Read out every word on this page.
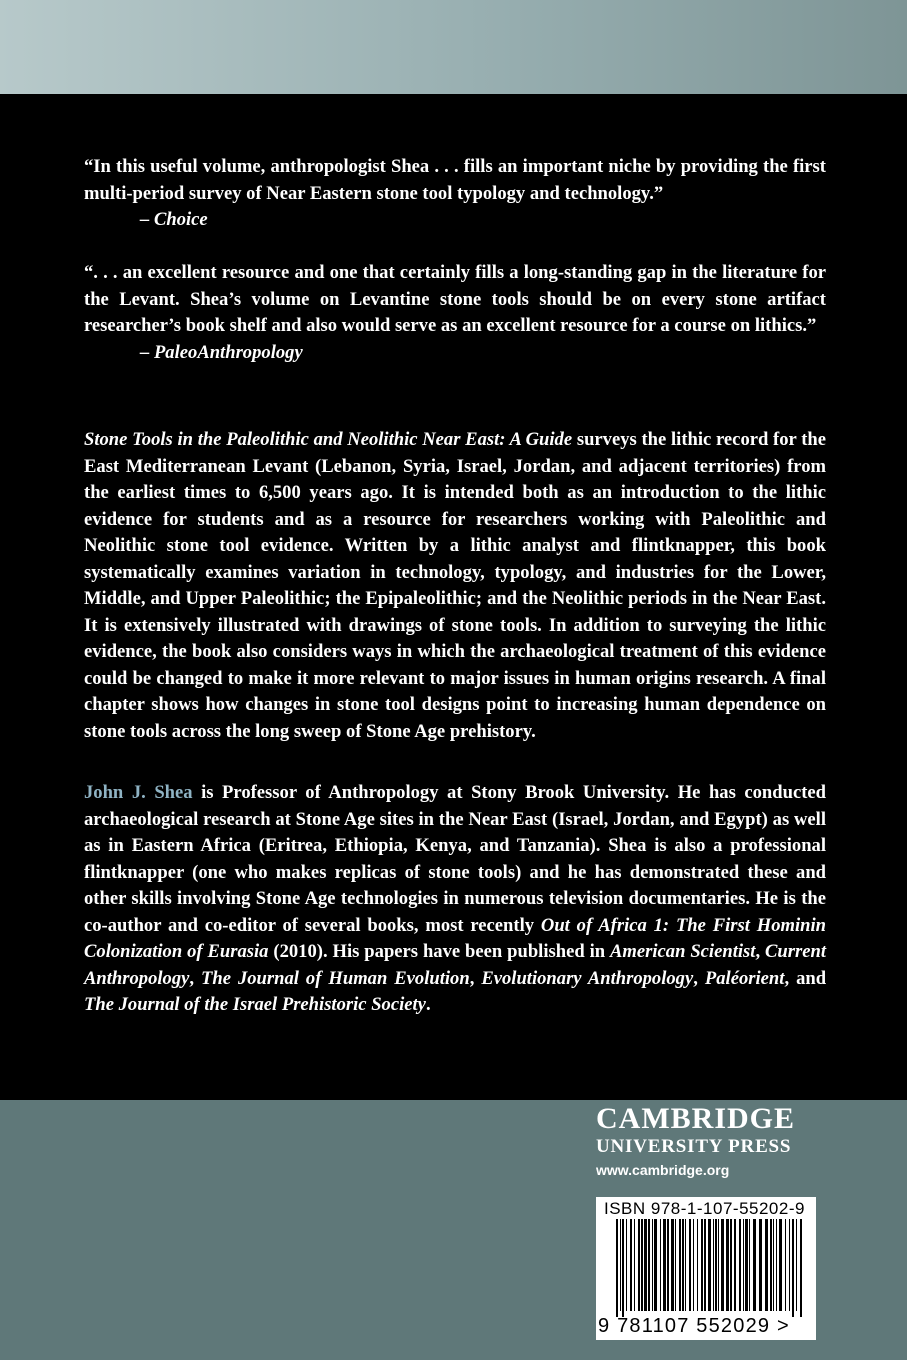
“In this useful volume, anthropologist Shea . . . fills an important niche by providing the first multi-period survey of Near Eastern stone tool typology and technology.”
– Choice
“. . . an excellent resource and one that certainly fills a long-standing gap in the literature for the Levant. Shea’s volume on Levantine stone tools should be on every stone artifact researcher’s book shelf and also would serve as an excellent resource for a course on lithics.”
– PaleoAnthropology
Stone Tools in the Paleolithic and Neolithic Near East: A Guide surveys the lithic record for the East Mediterranean Levant (Lebanon, Syria, Israel, Jordan, and adjacent territories) from the earliest times to 6,500 years ago. It is intended both as an introduction to the lithic evidence for students and as a resource for researchers working with Paleolithic and Neolithic stone tool evidence. Written by a lithic analyst and flintknapper, this book systematically examines variation in technology, typology, and industries for the Lower, Middle, and Upper Paleolithic; the Epipaleolithic; and the Neolithic periods in the Near East. It is extensively illustrated with drawings of stone tools. In addition to surveying the lithic evidence, the book also considers ways in which the archaeological treatment of this evidence could be changed to make it more relevant to major issues in human origins research. A final chapter shows how changes in stone tool designs point to increasing human dependence on stone tools across the long sweep of Stone Age prehistory.
John J. Shea is Professor of Anthropology at Stony Brook University. He has conducted archaeological research at Stone Age sites in the Near East (Israel, Jordan, and Egypt) as well as in Eastern Africa (Eritrea, Ethiopia, Kenya, and Tanzania). Shea is also a professional flintknapper (one who makes replicas of stone tools) and he has demonstrated these and other skills involving Stone Age technologies in numerous television documentaries. He is the co-author and co-editor of several books, most recently Out of Africa 1: The First Hominin Colonization of Eurasia (2010). His papers have been published in American Scientist, Current Anthropology, The Journal of Human Evolution, Evolutionary Anthropology, Paléorient, and The Journal of the Israel Prehistoric Society.
CAMBRIDGE
UNIVERSITY PRESS
www.cambridge.org
ISBN 978-1-107-55202-9
9 781107 552029 >
